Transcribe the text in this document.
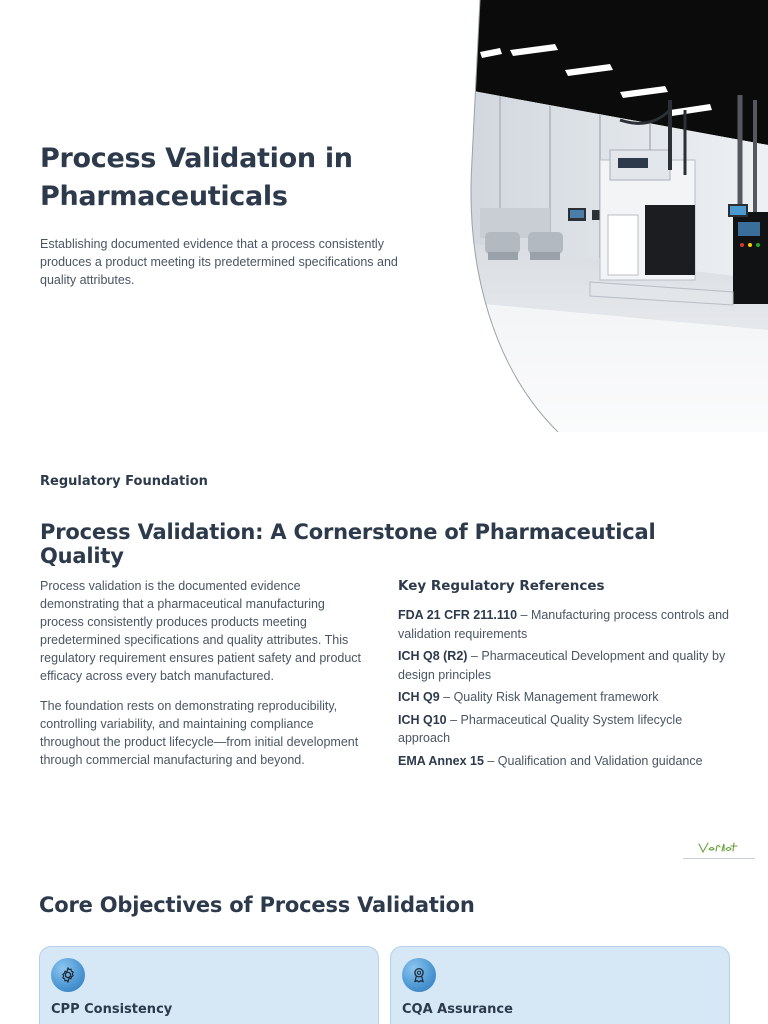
Process Validation in Pharmaceuticals

Establishing documented evidence that a process consistently produces a product meeting its predetermined specifications and quality attributes.

Regulatory Foundation
Process Validation: A Cornerstone of Pharmaceutical Quality

Process validation is the documented evidence demonstrating that a pharmaceutical manufacturing process consistently produces products meeting predetermined specifications and quality attributes. This regulatory requirement ensures patient safety and product efficacy across every batch manufactured.

The foundation rests on demonstrating reproducibility, controlling variability, and maintaining compliance throughout the product lifecycle—from initial development through commercial manufacturing and beyond.

Key Regulatory References
FDA 21 CFR 211.110 – Manufacturing process controls and validation requirements
ICH Q8 (R2) – Pharmaceutical Development and quality by design principles
ICH Q9 – Quality Risk Management framework
ICH Q10 – Pharmaceutical Quality System lifecycle approach
EMA Annex 15 – Qualification and Validation guidance
Core Objectives of Process Validation
CPP Consistency	CQA Assurance
